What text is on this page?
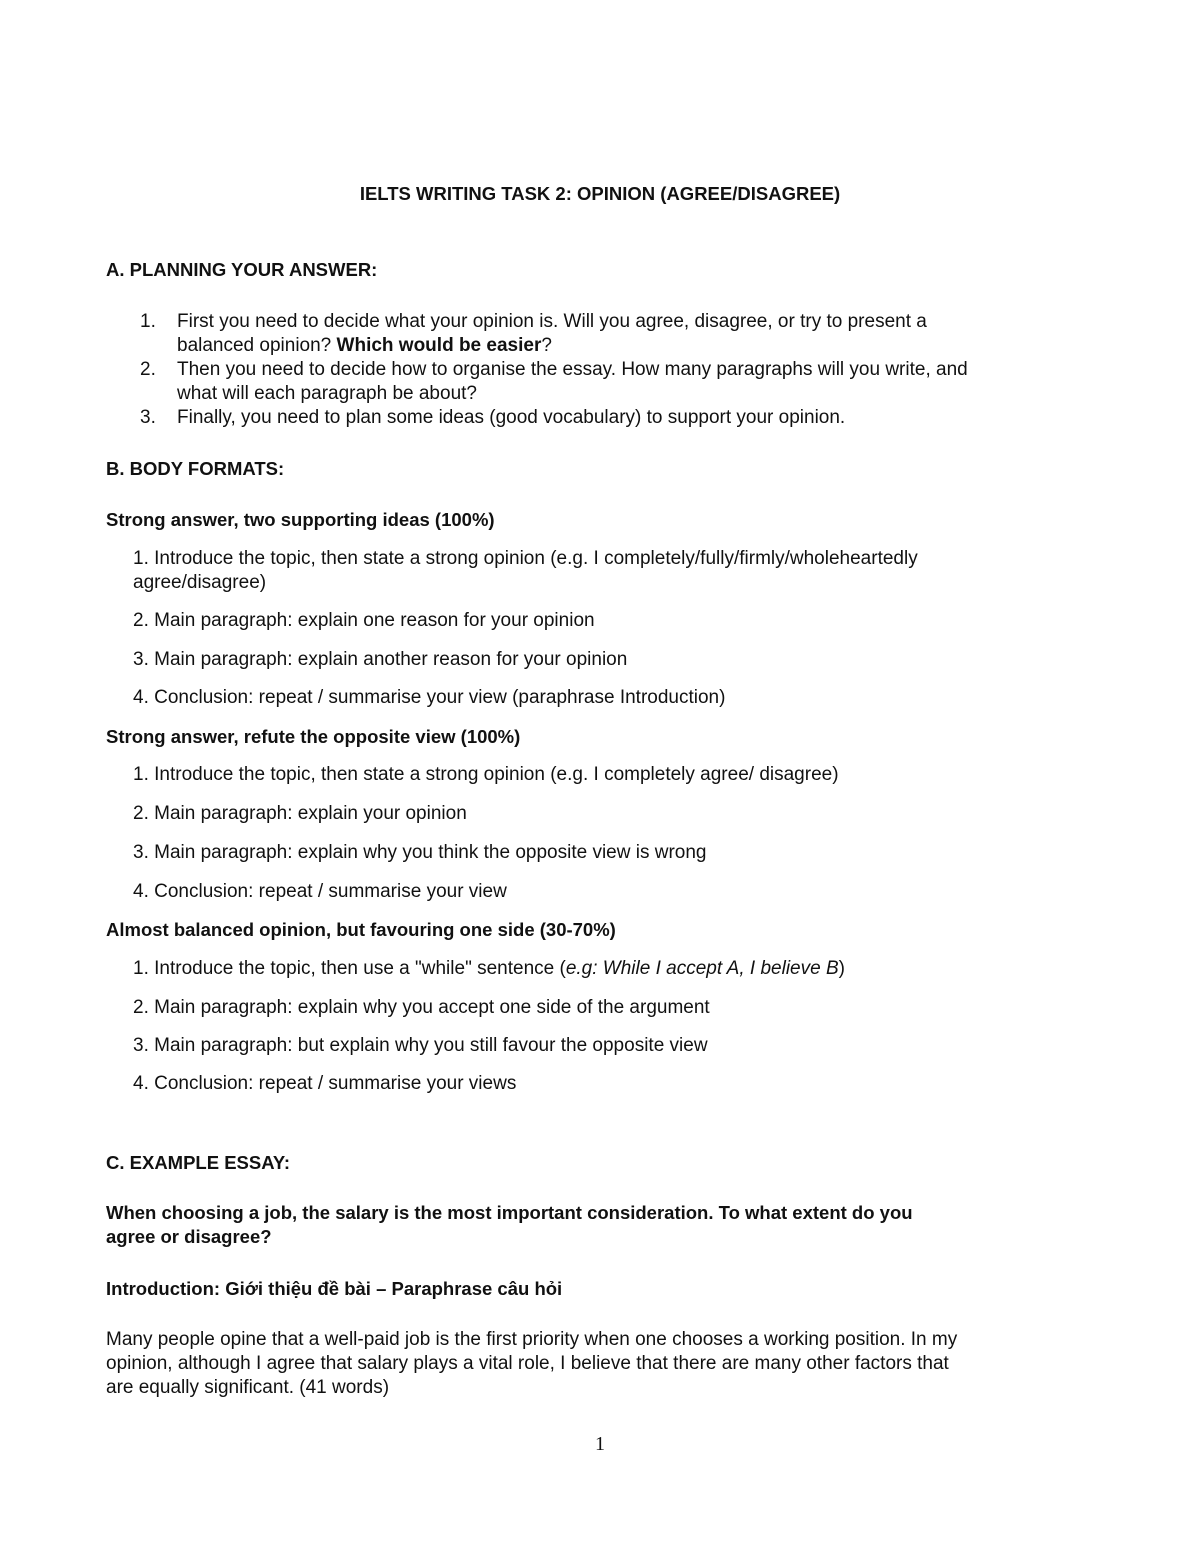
IELTS WRITING TASK 2: OPINION (AGREE/DISAGREE)
A. PLANNING YOUR ANSWER:
1.	First you need to decide what your opinion is. Will you agree, disagree, or try to present a
balanced opinion? Which would be easier?
2.	Then you need to decide how to organise the essay. How many paragraphs will you write, and
what will each paragraph be about?
3.	Finally, you need to plan some ideas (good vocabulary) to support your opinion.
B. BODY FORMATS:
Strong answer, two supporting ideas (100%)
1. Introduce the topic, then state a strong opinion (e.g. I completely/fully/firmly/wholeheartedly
agree/disagree)
2. Main paragraph: explain one reason for your opinion
3. Main paragraph: explain another reason for your opinion
4. Conclusion: repeat / summarise your view (paraphrase Introduction)
Strong answer, refute the opposite view (100%)
1. Introduce the topic, then state a strong opinion (e.g. I completely agree/ disagree)
2. Main paragraph: explain your opinion
3. Main paragraph: explain why you think the opposite view is wrong
4. Conclusion: repeat / summarise your view
Almost balanced opinion, but favouring one side (30-70%)
1. Introduce the topic, then use a "while" sentence (e.g: While I accept A, I believe B)
2. Main paragraph: explain why you accept one side of the argument
3. Main paragraph: but explain why you still favour the opposite view
4. Conclusion: repeat / summarise your views
C. EXAMPLE ESSAY:
When choosing a job, the salary is the most important consideration. To what extent do you
agree or disagree?
Introduction: Giới thiệu đề bài – Paraphrase câu hỏi
Many people opine that a well-paid job is the first priority when one chooses a working position. In my
opinion, although I agree that salary plays a vital role, I believe that there are many other factors that
are equally significant. (41 words)
1
